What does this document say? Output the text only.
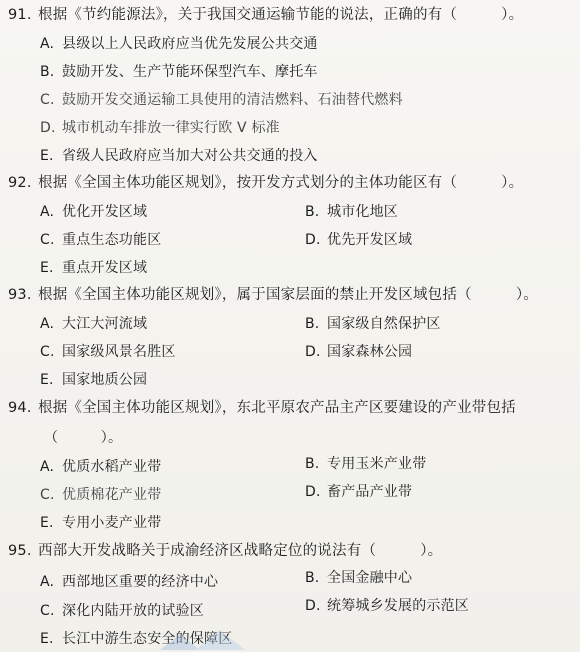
91. 根据《节约能源法》，关于我国交通运输节能的说法，正确的有（　　　）。
A. 县级以上人民政府应当优先发展公共交通
B. 鼓励开发、生产节能环保型汽车、摩托车
C. 鼓励开发交通运输工具使用的清洁燃料、石油替代燃料
D. 城市机动车排放一律实行欧 V 标准
E. 省级人民政府应当加大对公共交通的投入
92. 根据《全国主体功能区规划》，按开发方式划分的主体功能区有（　　　）。
A. 优化开发区域	B. 城市化地区
C. 重点生态功能区	D. 优先开发区域
E. 重点开发区域
93. 根据《全国主体功能区规划》，属于国家层面的禁止开发区域包括（　　　）。
A. 大江大河流域	B. 国家级自然保护区
C. 国家级风景名胜区	D. 国家森林公园
E. 国家地质公园
94. 根据《全国主体功能区规划》，东北平原农产品主产区要建设的产业带包括
（　　　）。
A. 优质水稻产业带	B. 专用玉米产业带
C. 优质棉花产业带	D. 畜产品产业带
E. 专用小麦产业带
95. 西部大开发战略关于成渝经济区战略定位的说法有（　　　）。
A. 西部地区重要的经济中心	B. 全国金融中心
C. 深化内陆开放的试验区	D. 统筹城乡发展的示范区
E. 长江中游生态安全的保障区
